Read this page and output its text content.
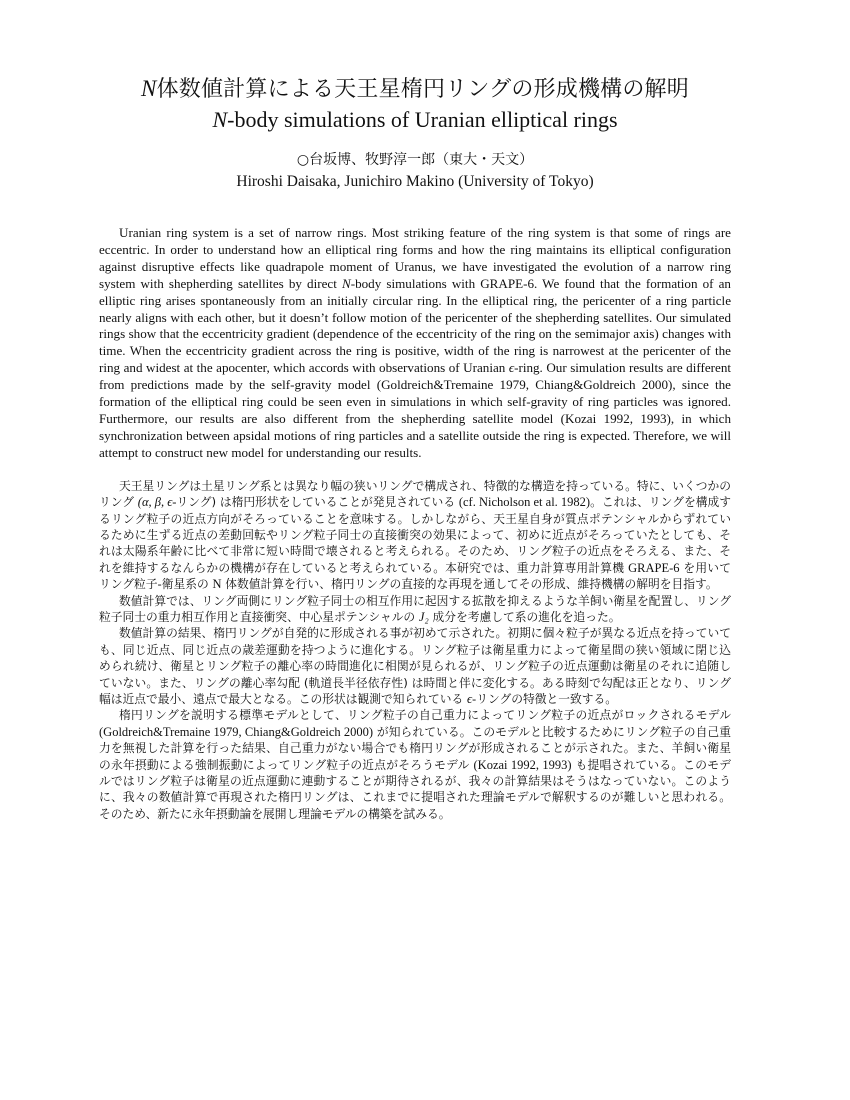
N体数値計算による天王星楕円リングの形成機構の解明
N-body simulations of Uranian elliptical rings
○台坂博、牧野淳一郎（東大・天文）
Hiroshi Daisaka, Junichiro Makino (University of Tokyo)
Uranian ring system is a set of narrow rings. Most striking feature of the ring system is that some of rings are eccentric. In order to understand how an elliptical ring forms and how the ring maintains its elliptical configuration against disruptive effects like quadrapole moment of Uranus, we have investigated the evolution of a narrow ring system with shepherding satellites by direct N-body simulations with GRAPE-6. We found that the formation of an elliptic ring arises spontaneously from an initially circular ring. In the elliptical ring, the pericenter of a ring particle nearly aligns with each other, but it doesn’t follow motion of the pericenter of the shepherding satellites. Our simulated rings show that the eccentricity gradient (dependence of the eccentricity of the ring on the semimajor axis) changes with time. When the eccentricity gradient across the ring is positive, width of the ring is narrowest at the pericenter of the ring and widest at the apocenter, which accords with observations of Uranian ϵ-ring. Our simulation results are different from predictions made by the self-gravity model (Goldreich&Tremaine 1979, Chiang&Goldreich 2000), since the formation of the elliptical ring could be seen even in simulations in which self-gravity of ring particles was ignored. Furthermore, our results are also different from the shepherding satellite model (Kozai 1992, 1993), in which synchronization between apsidal motions of ring particles and a satellite outside the ring is expected. Therefore, we will attempt to construct new model for understanding our results.

天王星リングは土星リング系とは異なり幅の狭いリングで構成され、特徴的な構造を持っている。特に、いくつかのリング (α, β, ϵ-リング) は楕円形状をしていることが発見されている (cf. Nicholson et al. 1982)。これは、リングを構成するリング粒子の近点方向がそろっていることを意味する。しかしながら、天王星自身が質点ポテンシャルからずれているために生ずる近点の差動回転やリング粒子同士の直接衝突の効果によって、初めに近点がそろっていたとしても、それは太陽系年齢に比べて非常に短い時間で壊されると考えられる。そのため、リング粒子の近点をそろえる、また、それを維持するなんらかの機構が存在していると考えられている。本研究では、重力計算専用計算機 GRAPE-6 を用いてリング粒子-衛星系の N 体数値計算を行い、楕円リングの直接的な再現を通してその形成、維持機構の解明を目指す。

数値計算では、リング両側にリング粒子同士の相互作用に起因する拡散を抑えるような羊飼い衛星を配置し、リング粒子同士の重力相互作用と直接衝突、中心星ポテンシャルの J₂ 成分を考慮して系の進化を追った。

数値計算の結果、楕円リングが自発的に形成される事が初めて示された。初期に個々粒子が異なる近点を持っていても、同じ近点、同じ近点の歳差運動を持つように進化する。リング粒子は衛星重力によって衛星間の狭い領域に閉じ込められ続け、衛星とリング粒子の離心率の時間進化に相関が見られるが、リング粒子の近点運動は衛星のそれに追随していない。また、リングの離心率勾配 (軌道長半径依存性) は時間と伴に変化する。ある時刻で勾配は正となり、リング幅は近点で最小、遠点で最大となる。この形状は観測で知られている ϵ-リングの特徴と一致する。

楕円リングを説明する標準モデルとして、リング粒子の自己重力によってリング粒子の近点がロックされるモデル (Goldreich&Tremaine 1979, Chiang&Goldreich 2000) が知られている。このモデルと比較するためにリング粒子の自己重力を無視した計算を行った結果、自己重力がない場合でも楕円リングが形成されることが示された。また、羊飼い衛星の永年摂動による強制振動によってリング粒子の近点がそろうモデル (Kozai 1992, 1993) も提唱されている。このモデルではリング粒子は衛星の近点運動に連動することが期待されるが、我々の計算結果はそうはなっていない。このように、我々の数値計算で再現された楕円リングは、これまでに提唱された理論モデルで解釈するのが難しいと思われる。そのため、新たに永年摂動論を展開し理論モデルの構築を試みる。
